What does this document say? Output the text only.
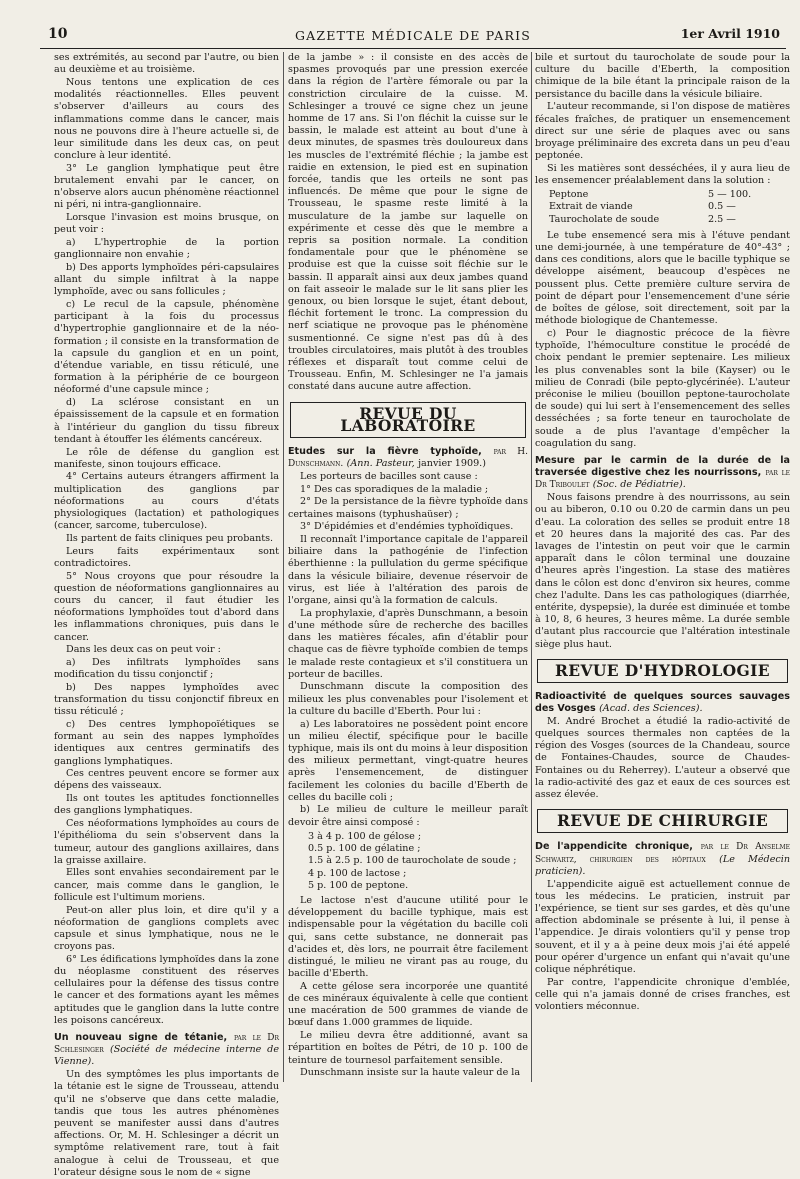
10	GAZETTE MÉDICALE DE PARIS	1er Avril 1910

ses extrémités, au second par l'autre, ou bien au deuxième et au troisième.

Nous tentons une explication de ces modalités réactionnelles. Elles peuvent s'observer d'ailleurs au cours des inflammations comme dans le cancer, mais nous ne pouvons dire à l'heure actuelle si, de leur similitude dans les deux cas, on peut conclure à leur identité.

3° Le ganglion lymphatique peut être brutalement envahi par le cancer, on n'observe alors aucun phénomène réactionnel ni péri, ni intra-ganglionnaire.

Lorsque l'invasion est moins brusque, on peut voir :

a) L'hypertrophie de la portion ganglionnaire non envahie ;

b) Des apports lymphoïdes péri-capsulaires allant du simple infiltrat à la nappe lymphoïde, avec ou sans follicules ;

c) Le recul de la capsule, phénomène participant à la fois du processus d'hypertrophie ganglionnaire et de la néo-formation ; il consiste en la transformation de la capsule du ganglion et en un point, d'étendue variable, en tissu réticulé, une formation à la périphérie de ce bourgeon néoformé d'une capsule mince ;

d) La sclérose consistant en un épaississement de la capsule et en formation à l'intérieur du ganglion du tissu fibreux tendant à étouffer les éléments cancéreux.

Le rôle de défense du ganglion est manifeste, sinon toujours efficace.

4° Certains auteurs étrangers affirment la multiplication des ganglions par néoformations au cours d'états physiologiques (lactation) et pathologiques (cancer, sarcome, tuberculose).

Ils partent de faits cliniques peu probants.

Leurs faits expérimentaux sont contradictoires.

5° Nous croyons que pour résoudre la question de néoformations ganglionnaires au cours du cancer, il faut étudier les néoformations lymphoïdes tout d'abord dans les inflammations chroniques, puis dans le cancer.

Dans les deux cas on peut voir :

a) Des infiltrats lymphoïdes sans modification du tissu conjonctif ;

b) Des nappes lymphoïdes avec transformation du tissu conjonctif fibreux en tissu réticulé ;

c) Des centres lymphopoïétiques se formant au sein des nappes lymphoïdes identiques aux centres germinatifs des ganglions lymphatiques.

Ces centres peuvent encore se former aux dépens des vaisseaux.

Ils ont toutes les aptitudes fonctionnelles des ganglions lymphatiques.

Ces néoformations lymphoïdes au cours de l'épithélioma du sein s'observent dans la tumeur, autour des ganglions axillaires, dans la graisse axillaire.

Elles sont envahies secondairement par le cancer, mais comme dans le ganglion, le follicule est l'ultimum moriens.

Peut-on aller plus loin, et dire qu'il y a néoformation de ganglions complets avec capsule et sinus lymphatique, nous ne le croyons pas.

6° Les édifications lymphoïdes dans la zone du néoplasme constituent des réserves cellulaires pour la défense des tissus contre le cancer et des formations ayant les mêmes aptitudes que le ganglion dans la lutte contre les poisons cancéreux.

Un nouveau signe de tétanie, par le Dr Schlesinger (Société de médecine interne de Vienne).

Un des symptômes les plus importants de la tétanie est le signe de Trousseau, attendu qu'il ne s'observe que dans cette maladie, tandis que tous les autres phénomènes peuvent se manifester aussi dans d'autres affections. Or, M. H. Schlesinger a décrit un symptôme relativement rare, tout à fait analogue à celui de Trousseau, et que l'orateur désigne sous le nom de « signe

de la jambe » : il consiste en des accès de spasmes provoqués par une pression exercée dans la région de l'artère fémorale ou par la constriction circulaire de la cuisse. M. Schlesinger a trouvé ce signe chez un jeune homme de 17 ans. Si l'on fléchit la cuisse sur le bassin, le malade est atteint au bout d'une à deux minutes, de spasmes très douloureux dans les muscles de l'extrémité fléchie ; la jambe est raidie en extension, le pied est en supination forcée, tandis que les orteils ne sont pas influencés. De même que pour le signe de Trousseau, le spasme reste limité à la musculature de la jambe sur laquelle on expérimente et cesse dès que le membre a repris sa position normale. La condition fondamentale pour que le phénomène se produise est que la cuisse soit fléchie sur le bassin. Il apparaît ainsi aux deux jambes quand on fait asseoir le malade sur le lit sans plier les genoux, ou bien lorsque le sujet, étant debout, fléchit fortement le tronc. La compression du nerf sciatique ne provoque pas le phénomène susmentionné. Ce signe n'est pas dû à des troubles circulatoires, mais plutôt à des troubles réflexes et disparaît tout comme celui de Trousseau. Enfin, M. Schlesinger ne l'a jamais constaté dans aucune autre affection.

REVUE DU LABORATOIRE

Etudes sur la fièvre typhoïde, par H. Dunschmann. (Ann. Pasteur, janvier 1909.)

Les porteurs de bacilles sont cause :

1° Des cas sporadiques de la maladie ;

2° De la persistance de la fièvre typhoïde dans certaines maisons (typhushaüser) ;

3° D'épidémies et d'endémies typhoïdiques.

Il reconnaît l'importance capitale de l'appareil biliaire dans la pathogénie de l'infection éberthienne : la pullulation du germe spécifique dans la vésicule biliaire, devenue réservoir de virus, est liée à l'altération des parois de l'organe, ainsi qu'à la formation de calculs.

La prophylaxie, d'après Dunschmann, a besoin d'une méthode sûre de recherche des bacilles dans les matières fécales, afin d'établir pour chaque cas de fièvre typhoïde combien de temps le malade reste contagieux et s'il constituera un porteur de bacilles.

Dunschmann discute la composition des milieux les plus convenables pour l'isolement et la culture du bacille d'Eberth. Pour lui :

a) Les laboratoires ne possèdent point encore un milieu électif, spécifique pour le bacille typhique, mais ils ont du moins à leur disposition des milieux permettant, vingt-quatre heures après l'ensemencement, de distinguer facilement les colonies du bacille d'Eberth de celles du bacille coli ;

b) Le milieu de culture le meilleur paraît devoir être ainsi composé :

3 à 4 p. 100 de gélose ;
0.5 p. 100 de gélatine ;
1.5 à 2.5 p. 100 de taurocholate de soude ;
4 p. 100 de lactose ;
5 p. 100 de peptone.

Le lactose n'est d'aucune utilité pour le développement du bacille typhique, mais est indispensable pour la végétation du bacille coli qui, sans cette substance, ne donnerait pas d'acides et, dès lors, ne pourrait être facilement distingué, le milieu ne virant pas au rouge, du bacille d'Eberth.

A cette gélose sera incorporée une quantité de ces minéraux équivalente à celle que contient une macération de 500 grammes de viande de bœuf dans 1.000 grammes de liquide.

Le milieu devra être additionné, avant sa répartition en boîtes de Pétri, de 10 p. 100 de teinture de tournesol parfaitement sensible.

Dunschmann insiste sur la haute valeur de la

bile et surtout du taurocholate de soude pour la culture du bacille d'Eberth, la composition chimique de la bile étant la principale raison de la persistance du bacille dans la vésicule biliaire.

L'auteur recommande, si l'on dispose de matières fécales fraîches, de pratiquer un ensemencement direct sur une série de plaques avec ou sans broyage préliminaire des excreta dans un peu d'eau peptonée.

Si les matières sont desséchées, il y aura lieu de les ensemencer préalablement dans la solution :

Peptone	5 — 100.
Extrait de viande	0.5 —
Taurocholate de soude	2.5 —

Le tube ensemencé sera mis à l'étuve pendant une demi-journée, à une température de 40°-43° ; dans ces conditions, alors que le bacille typhique se développe aisément, beaucoup d'espèces ne poussent plus. Cette première culture servira de point de départ pour l'ensemencement d'une série de boîtes de gélose, soit directement, soit par la méthode biologique de Chantemesse.

c) Pour le diagnostic précoce de la fièvre typhoïde, l'hémoculture constitue le procédé de choix pendant le premier septenaire. Les milieux les plus convenables sont la bile (Kayser) ou le milieu de Conradi (bile pepto-glycérinée). L'auteur préconise le milieu (bouillon peptone-taurocholate de soude) qui lui sert à l'ensemencement des selles desséchées ; sa forte teneur en taurocholate de soude a de plus l'avantage d'empêcher la coagulation du sang.

Mesure par le carmin de la durée de la traversée digestive chez les nourrissons, par le Dr Triboulet (Soc. de Pédiatrie).

Nous faisons prendre à des nourrissons, au sein ou au biberon, 0.10 ou 0.20 de carmin dans un peu d'eau. La coloration des selles se produit entre 18 et 20 heures dans la majorité des cas. Par des lavages de l'intestin on peut voir que le carmin apparaît dans le côlon terminal une douzaine d'heures après l'ingestion. La stase des matières dans le côlon est donc d'environ six heures, comme chez l'adulte. Dans les cas pathologiques (diarrhée, entérite, dyspepsie), la durée est diminuée et tombe à 10, 8, 6 heures, 3 heures même. La durée semble d'autant plus raccourcie que l'altération intestinale siège plus haut.

REVUE D'HYDROLOGIE

Radioactivité de quelques sources sauvages des Vosges (Acad. des Sciences).

M. André Brochet a étudié la radio-activité de quelques sources thermales non captées de la région des Vosges (sources de la Chandeau, source de Fontaines-Chaudes, source de Chaudes-Fontaines ou du Reherrey). L'auteur a observé que la radio-activité des gaz et eaux de ces sources est assez élevée.

REVUE DE CHIRURGIE

De l'appendicite chronique, par le Dr Anselme Schwartz, chirurgien des hôpitaux (Le Médecin praticien).

L'appendicite aiguë est actuellement connue de tous les médecins. Le praticien, instruit par l'expérience, se tient sur ses gardes, et dès qu'une affection abdominale se présente à lui, il pense à l'appendice. Je dirais volontiers qu'il y pense trop souvent, et il y a à peine deux mois j'ai été appelé pour opérer d'urgence un enfant qui n'avait qu'une colique néphrétique.

Par contre, l'appendicite chronique d'emblée, celle qui n'a jamais donné de crises franches, est volontiers méconnue.
